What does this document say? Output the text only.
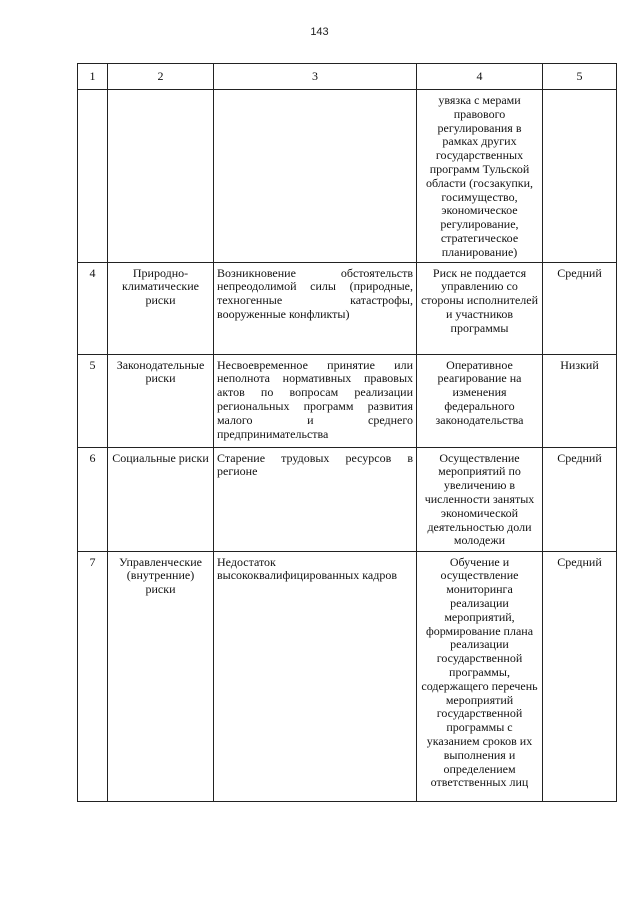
143
1	2	3	4	5
			увязка с мерами правового регулирования в рамках других государственных программ Тульской области (госзакупки, госимущество, экономическое регулирование, стратегическое планирование)	
4	Природно-климатические риски	Возникновение обстоятельств непреодолимой силы (природные, техногенные катастрофы, вооруженные конфликты)	Риск не поддается управлению со стороны исполнителей и участников программы	Средний
5	Законодательные риски	Несвоевременное принятие или неполнота нормативных правовых актов по вопросам реализации региональных программ развития малого и среднего предпринимательства	Оперативное реагирование на изменения федерального законодательства	Низкий
6	Социальные риски	Старение трудовых ресурсов в регионе	Осуществление мероприятий по увеличению в численности занятых экономической деятельностью доли молодежи	Средний
7	Управленческие (внутренние) риски	Недостаток высококвалифицированных кадров	Обучение и осуществление мониторинга реализации мероприятий, формирование плана реализации государственной программы, содержащего перечень мероприятий государственной программы с указанием сроков их выполнения и определением ответственных лиц	Средний
